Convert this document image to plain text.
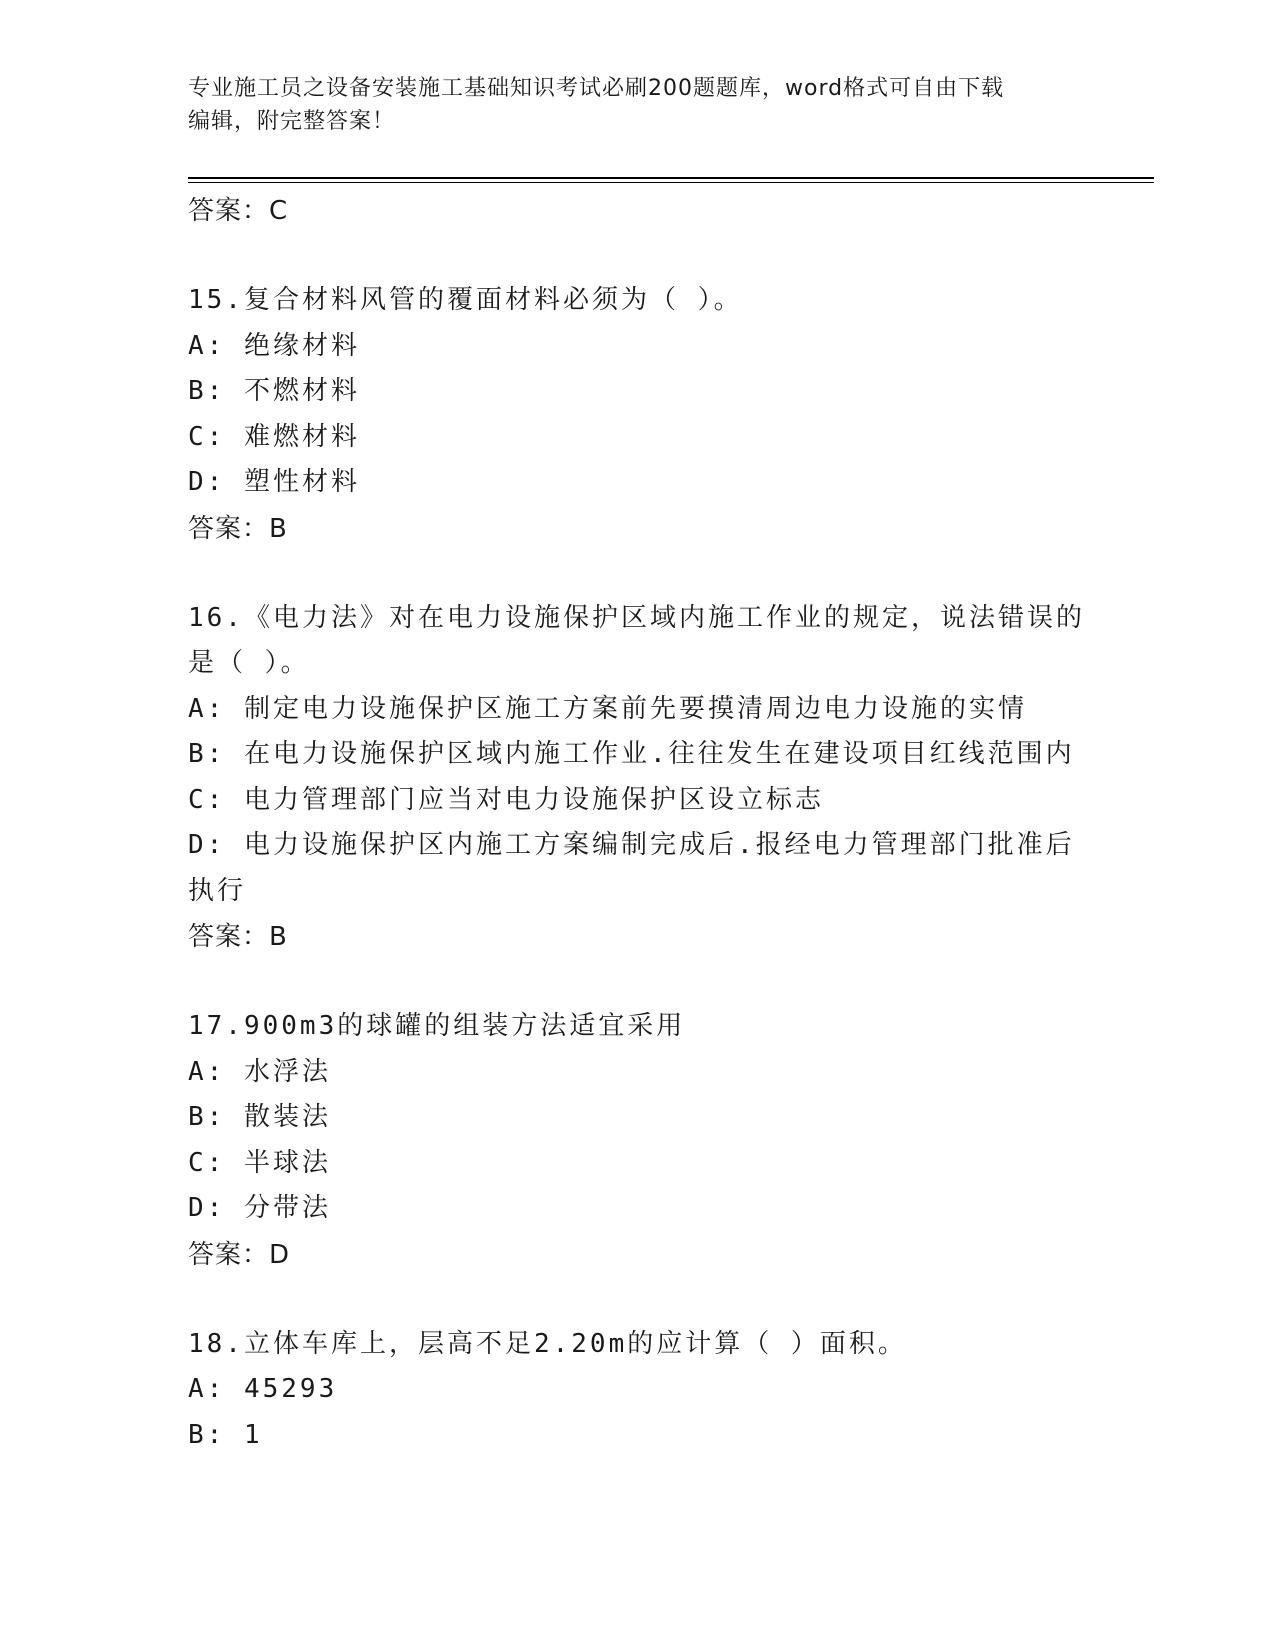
专业施工员之设备安装施工基础知识考试必刷200题题库，word格式可自由下载
编辑，附完整答案！
答案：C
15.复合材料风管的覆面材料必须为（ ）。
A: 绝缘材料
B: 不燃材料
C: 难燃材料
D: 塑性材料
答案：B
16.《电力法》对在电力设施保护区域内施工作业的规定，说法错误的是（ ）。
A: 制定电力设施保护区施工方案前先要摸清周边电力设施的实情
B: 在电力设施保护区域内施工作业.往往发生在建设项目红线范围内
C: 电力管理部门应当对电力设施保护区设立标志
D: 电力设施保护区内施工方案编制完成后.报经电力管理部门批准后执行
答案：B
17.900m3的球罐的组装方法适宜采用
A: 水浮法
B: 散装法
C: 半球法
D: 分带法
答案：D
18.立体车库上，层高不足2.20m的应计算（ ）面积。
A: 45293
B: 1
